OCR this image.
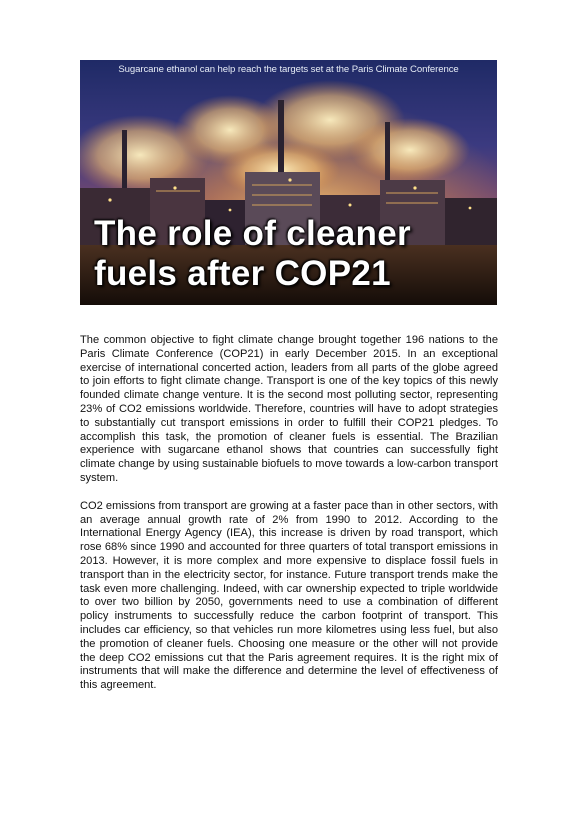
Sugarcane ethanol can help reach the targets set at the Paris Climate Conference
The role of cleaner
fuels after COP21

The common objective to fight climate change brought together 196 nations to the Paris Climate Conference (COP21) in early December 2015. In an exceptional exercise of international concerted action, leaders from all parts of the globe agreed to join efforts to fight climate change. Transport is one of the key topics of this newly founded climate change venture. It is the second most polluting sector, representing 23% of CO2 emissions worldwide. Therefore, countries will have to adopt strategies to substantially cut transport emissions in order to fulfill their COP21 pledges. To accomplish this task, the promotion of cleaner fuels is essential. The Brazilian experience with sugarcane ethanol shows that countries can successfully fight climate change by using sustainable biofuels to move towards a low-carbon transport system.

CO2 emissions from transport are growing at a faster pace than in other sectors, with an average annual growth rate of 2% from 1990 to 2012. According to the International Energy Agency (IEA), this increase is driven by road transport, which rose 68% since 1990 and accounted for three quarters of total transport emissions in 2013. However, it is more complex and more expensive to displace fossil fuels in transport than in the electricity sector, for instance. Future transport trends make the task even more challenging. Indeed, with car ownership expected to triple worldwide to over two billion by 2050, governments need to use a combination of different policy instruments to successfully reduce the carbon footprint of transport. This includes car efficiency, so that vehicles run more kilometres using less fuel, but also the promotion of cleaner fuels. Choosing one measure or the other will not provide the deep CO2 emissions cut that the Paris agreement requires. It is the right mix of instruments that will make the difference and determine the level of effectiveness of this agreement.
